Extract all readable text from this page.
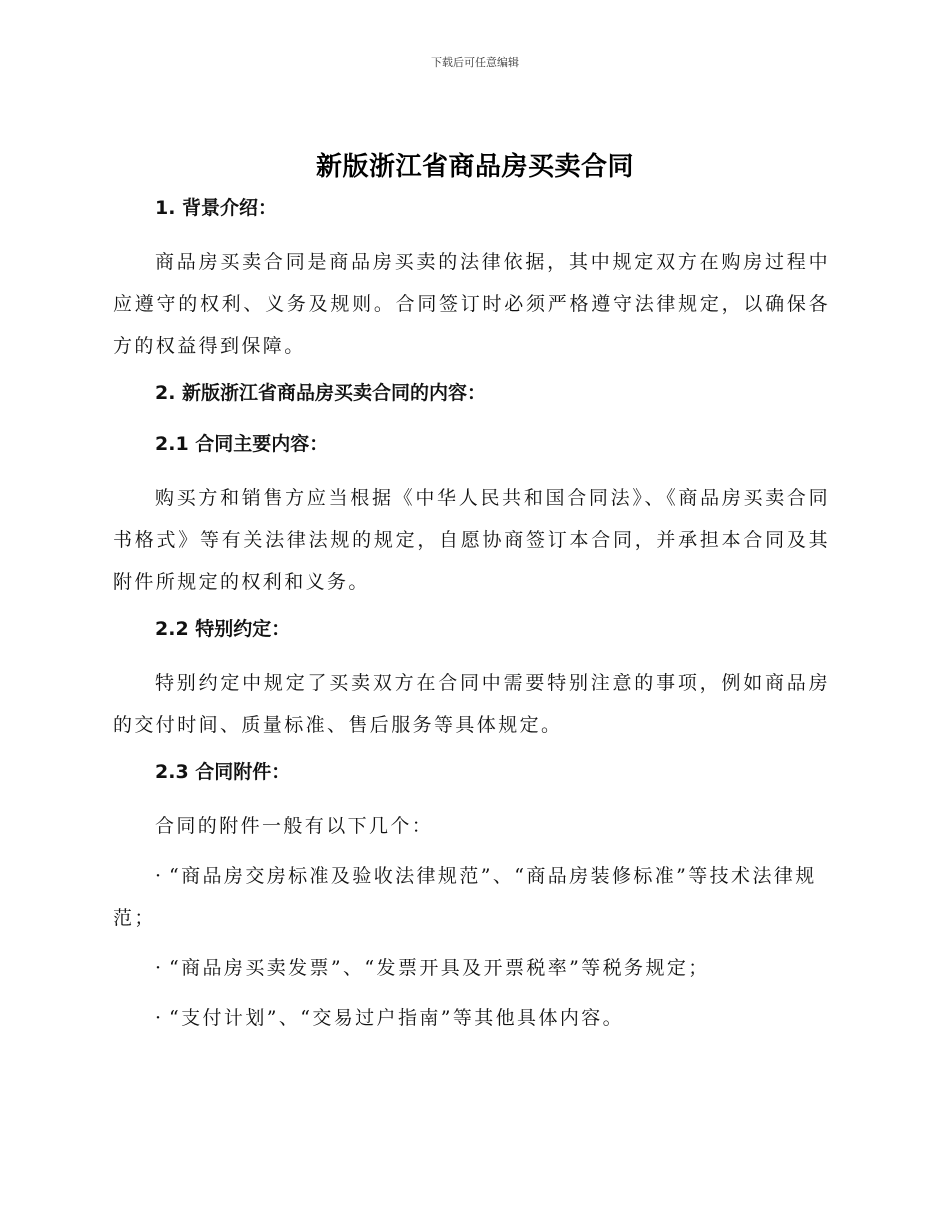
下载后可任意编辑
新版浙江省商品房买卖合同
1. 背景介绍：

商品房买卖合同是商品房买卖的法律依据，其中规定双方在购房过程中应遵守的权利、义务及规则。合同签订时必须严格遵守法律规定，以确保各方的权益得到保障。

2. 新版浙江省商品房买卖合同的内容：
2.1 合同主要内容：

购买方和销售方应当根据《中华人民共和国合同法》、《商品房买卖合同书格式》等有关法律法规的规定，自愿协商签订本合同，并承担本合同及其附件所规定的权利和义务。

2.2 特别约定：

特别约定中规定了买卖双方在合同中需要特别注意的事项，例如商品房的交付时间、质量标准、售后服务等具体规定。

2.3 合同附件：

合同的附件一般有以下几个：

· “商品房交房标准及验收法律规范”、“商品房装修标准”等技术法律规范；

· “商品房买卖发票”、“发票开具及开票税率”等税务规定；

· “支付计划”、“交易过户指南”等其他具体内容。
